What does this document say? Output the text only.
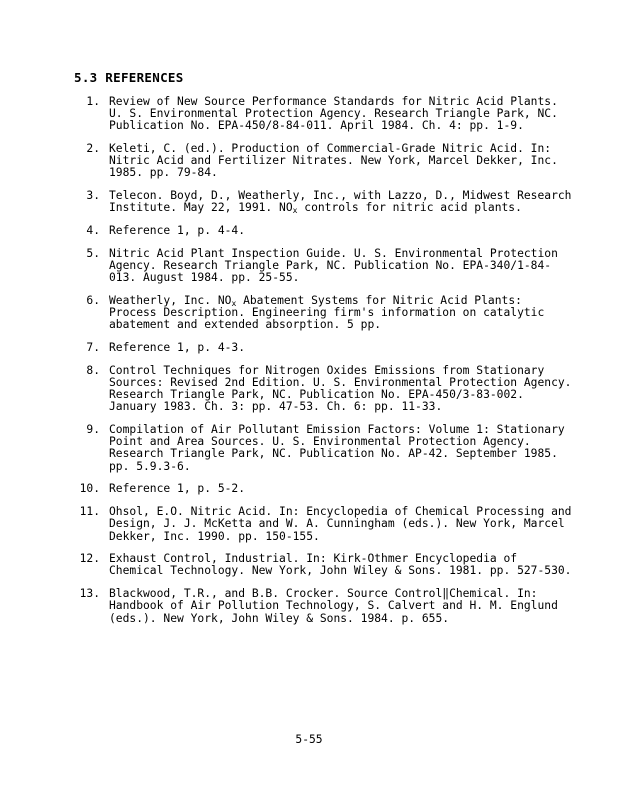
5.3 REFERENCES
1. Review of New Source Performance Standards for Nitric Acid Plants. U. S. Environmental Protection Agency. Research Triangle Park, NC. Publication No. EPA-450/8-84-011. April 1984. Ch. 4: pp. 1-9.
2. Keleti, C. (ed.). Production of Commercial-Grade Nitric Acid. In: Nitric Acid and Fertilizer Nitrates. New York, Marcel Dekker, Inc. 1985. pp. 79-84.
3. Telecon. Boyd, D., Weatherly, Inc., with Lazzo, D., Midwest Research Institute. May 22, 1991. $NO_x$ controls for nitric acid plants.
4. Reference 1, p. 4-4.
5. Nitric Acid Plant Inspection Guide. U. S. Environmental Protection Agency. Research Triangle Park, NC. Publication No. EPA-340/1-84-013. August 1984. pp. 25-55.
6. Weatherly, Inc. $NO_x$ Abatement Systems for Nitric Acid Plants: Process Description. Engineering firm's information on catalytic abatement and extended absorption. 5 pp.
7. Reference 1, p. 4-3.
8. Control Techniques for Nitrogen Oxides Emissions from Stationary Sources: Revised 2nd Edition. U. S. Environmental Protection Agency. Research Triangle Park, NC. Publication No. EPA-450/3-83-002. January 1983. Ch. 3: pp. 47-53. Ch. 6: pp. 11-33.
9. Compilation of Air Pollutant Emission Factors: Volume 1: Stationary Point and Area Sources. U. S. Environmental Protection Agency. Research Triangle Park, NC. Publication No. AP-42. September 1985. pp. 5.9.3-6.
10. Reference 1, p. 5-2.
11. Ohsol, E.O. Nitric Acid. In: Encyclopedia of Chemical Processing and Design, J. J. McKetta and W. A. Cunningham (eds.). New York, Marcel Dekker, Inc. 1990. pp. 150-155.
12. Exhaust Control, Industrial. In: Kirk-Othmer Encyclopedia of Chemical Technology. New York, John Wiley & Sons. 1981. pp. 527-530.
13. Blackwood, T.R., and B.B. Crocker. Source Control‖Chemical. In: Handbook of Air Pollution Technology, S. Calvert and H. M. Englund (eds.). New York, John Wiley & Sons. 1984. p. 655.
5-55
